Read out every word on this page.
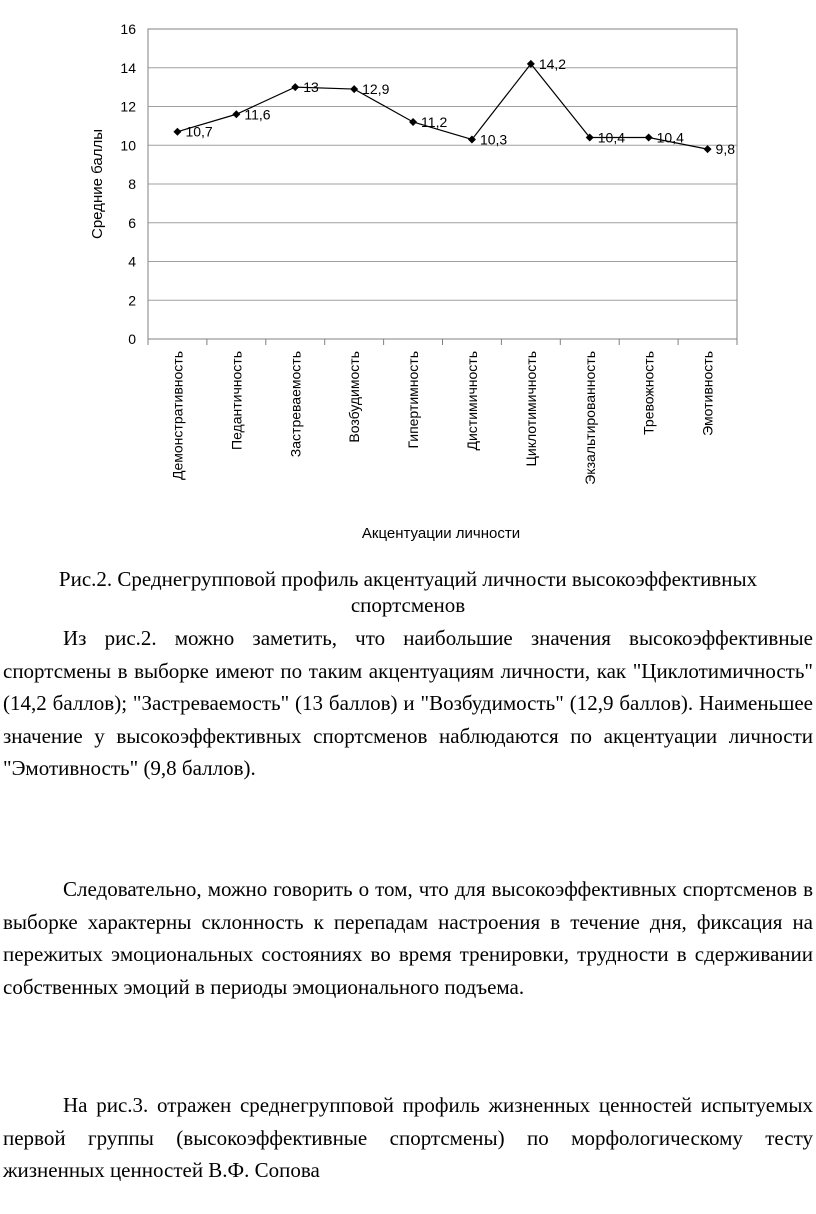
0
2
4
6
8
10
12
14
16
Демонстративность	Педантичность	Застреваемость	Возбудимость	Гипертимность	Дистимичность	Циклотимичность	Экзальтированность	Тревожность	Эмотивность
10,7
11,6
13	12,9
11,2
10,3
14,2
10,4 10,4
9,8
Средние баллы
Акцентуации личности
Рис.2. Среднегрупповой профиль акцентуаций личности высокоэффективных
спортсменов

Из рис.2. можно заметить, что наибольшие значения высокоэффективные спортсмены в выборке имеют по таким акцентуациям личности, как "Циклотимичность" (14,2 баллов); "Застреваемость" (13 баллов) и "Возбудимость" (12,9 баллов). Наименьшее значение у высокоэффективных спортсменов наблюдаются по акцентуации личности "Эмотивность" (9,8 баллов).

Следовательно, можно говорить о том, что для высокоэффективных спортсменов в выборке характерны склонность к перепадам настроения в течение дня, фиксация на пережитых эмоциональных состояниях во время тренировки, трудности в сдерживании собственных эмоций в периоды эмоционального подъема.

На рис.3. отражен среднегрупповой профиль жизненных ценностей испытуемых первой группы (высокоэффективные спортсмены) по морфологическому тесту жизненных ценностей В.Ф. Сопова
